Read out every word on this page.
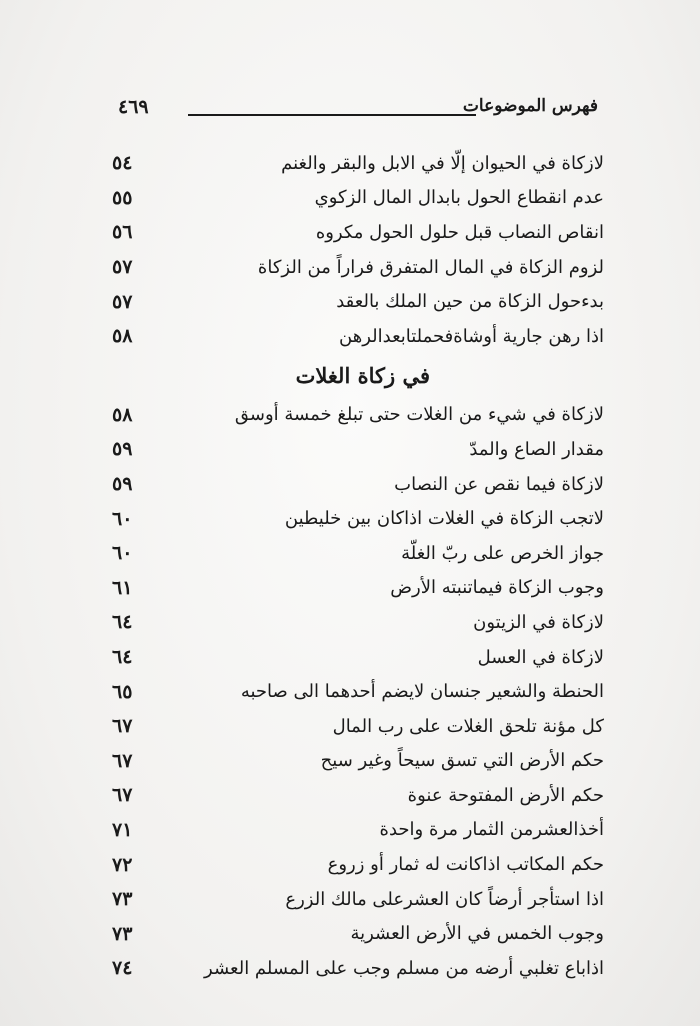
فهرس الموضوعات
٤٦٩
لازكاة في الحيوان إلّا في الابل والبقر والغنم
٥٤
عدم انقطاع الحول بابدال المال الزكوي
٥٥
انقاص النصاب قبل حلول الحول مكروه
٥٦
لزوم الزكاة في المال المتفرق فراراً من الزكاة
٥٧
بدءحول الزكاة من حين الملك بالعقد
٥٧
اذا رهن جارية أوشاةفحملتابعدالرهن
٥٨
في زكاة الغلات
لازكاة في شيء من الغلات حتى تبلغ خمسة أوسق
٥٨
مقدار الصاع والمدّ
٥٩
لازكاة فيما نقص عن النصاب
٥٩
لاتجب الزكاة في الغلات اذاكان بين خليطين
٦٠
جواز الخرص على ربّ الغلّة
٦٠
وجوب الزكاة فيماتنبته الأرض
٦١
لازكاة في الزيتون
٦٤
لازكاة في العسل
٦٤
الحنطة والشعير جنسان لايضم أحدهما الى صاحبه
٦٥
كل مؤنة تلحق الغلات على رب المال
٦٧
حكم الأرض التي تسق سيحاً وغير سيح
٦٧
حكم الأرض المفتوحة عنوة
٦٧
أخذالعشرمن الثمار مرة واحدة
٧١
حكم المكاتب اذاكانت له ثمار أو زروع
٧٢
اذا استأجر أرضاً كان العشرعلى مالك الزرع
٧٣
وجوب الخمس في الأرض العشرية
٧٣
اذاباع تغلبي أرضه من مسلم وجب على المسلم العشر
٧٤
